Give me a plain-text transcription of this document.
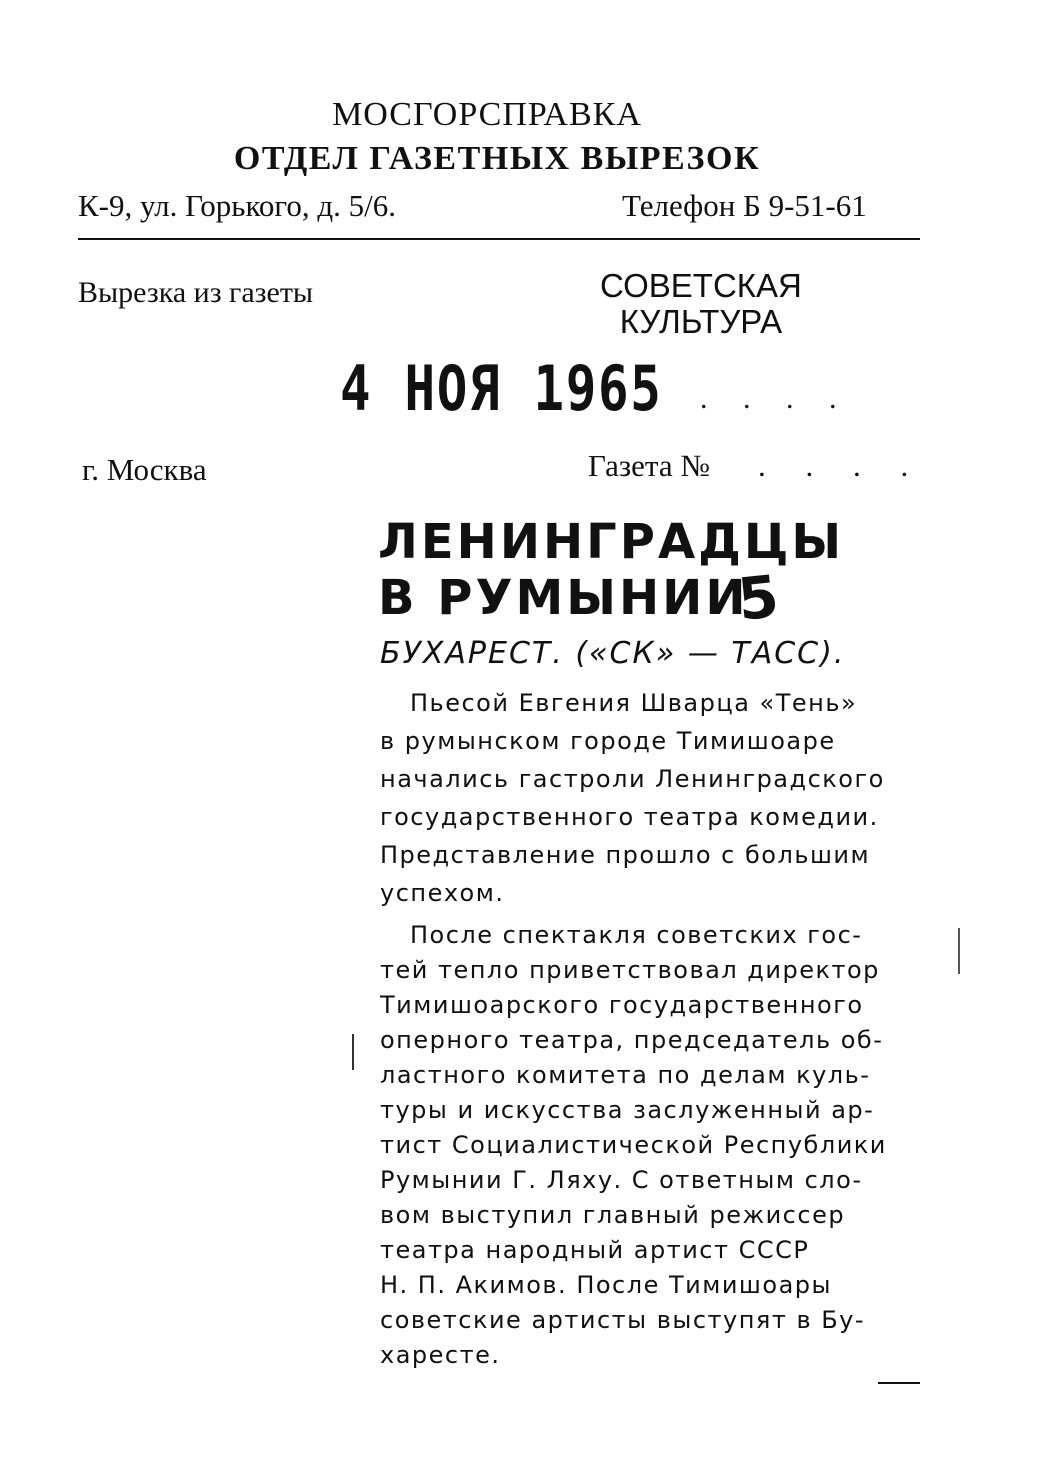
МОСГОРСПРАВКА
ОТДЕЛ ГАЗЕТНЫХ ВЫРЕЗОК
К-9, ул. Горького, д. 5/6.	Телефон Б 9-51-61
Вырезка из газеты	СОВЕТСКАЯ
КУЛЬТУРА
4 НОЯ 1965 . . . .
г. Москва	Газета № . . . .
ЛЕНИНГРАДЦЫ
В РУМЫНИИ
5
БУХАРЕСТ. («СК» — ТАСС).
Пьесой Евгения Шварца «Тень»
в румынском городе Тимишоаре
начались гастроли Ленинградского
государственного театра комедии.
Представление прошло с большим
успехом.
После спектакля советских гос-
тей тепло приветствовал директор
Тимишоарского государственного
оперного театра, председатель об-
ластного комитета по делам куль-
туры и искусства заслуженный ар-
тист Социалистической Республики
Румынии Г. Ляху. С ответным сло-
вом выступил главный режиссер
театра народный артист СССР
Н. П. Акимов. После Тимишоары
советские артисты выступят в Бу-
харесте.
